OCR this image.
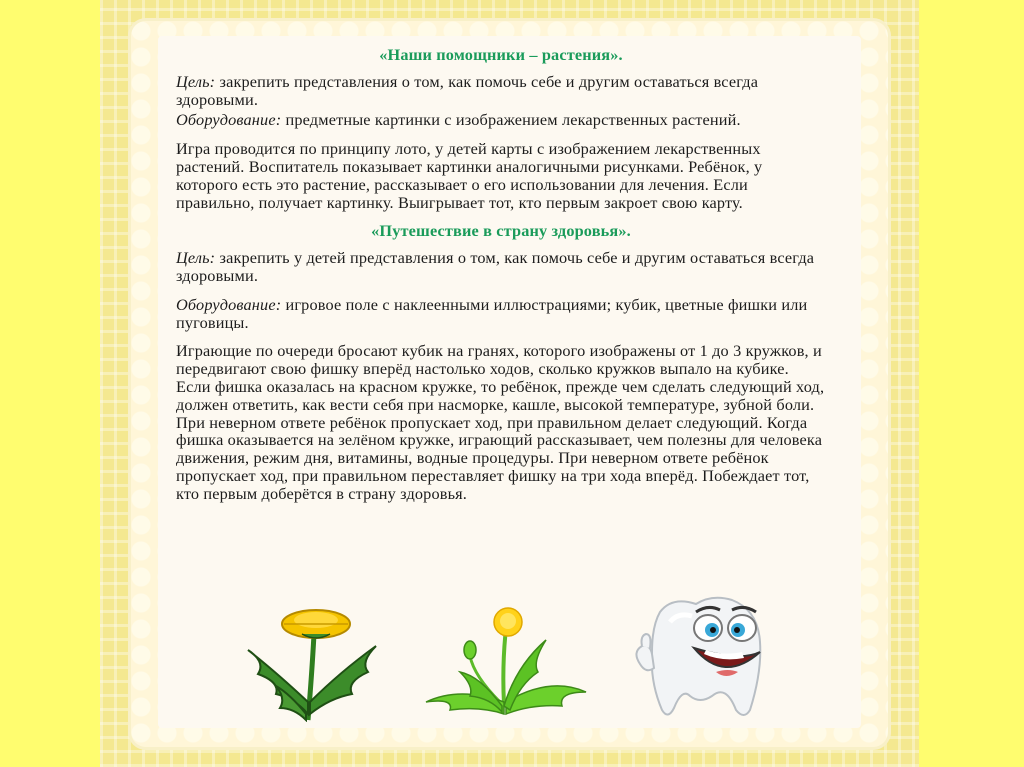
«Наши помощники – растения».

Цель: закрепить представления о том, как помочь себе и другим оставаться всегда здоровыми.

Оборудование: предметные картинки с изображением лекарственных растений.

Игра проводится по принципу лото, у детей карты с изображением лекарственных растений. Воспитатель показывает картинки аналогичными рисунками. Ребёнок, у которого есть это растение, рассказывает о его использовании для лечения. Если правильно, получает картинку. Выигрывает тот, кто первым закроет свою карту.

«Путешествие в страну здоровья».

Цель: закрепить у детей представления о том, как помочь себе и другим оставаться всегда здоровыми.

Оборудование: игровое поле с наклеенными иллюстрациями; кубик, цветные фишки или пуговицы.

Играющие по очереди бросают кубик на гранях, которого изображены от 1 до 3 кружков, и передвигают свою фишку вперёд настолько ходов, сколько кружков выпало на кубике. Если фишка оказалась на красном кружке, то ребёнок, прежде чем сделать следующий ход, должен ответить, как вести себя при насморке, кашле, высокой температуре, зубной боли. При неверном ответе ребёнок пропускает ход, при правильном делает следующий. Когда фишка оказывается на зелёном кружке, играющий рассказывает, чем полезны для человека движения, режим дня, витамины, водные процедуры. При неверном ответе ребёнок пропускает ход, при правильном переставляет фишку на три хода вперёд. Побеждает тот, кто первым доберётся в страну здоровья.
